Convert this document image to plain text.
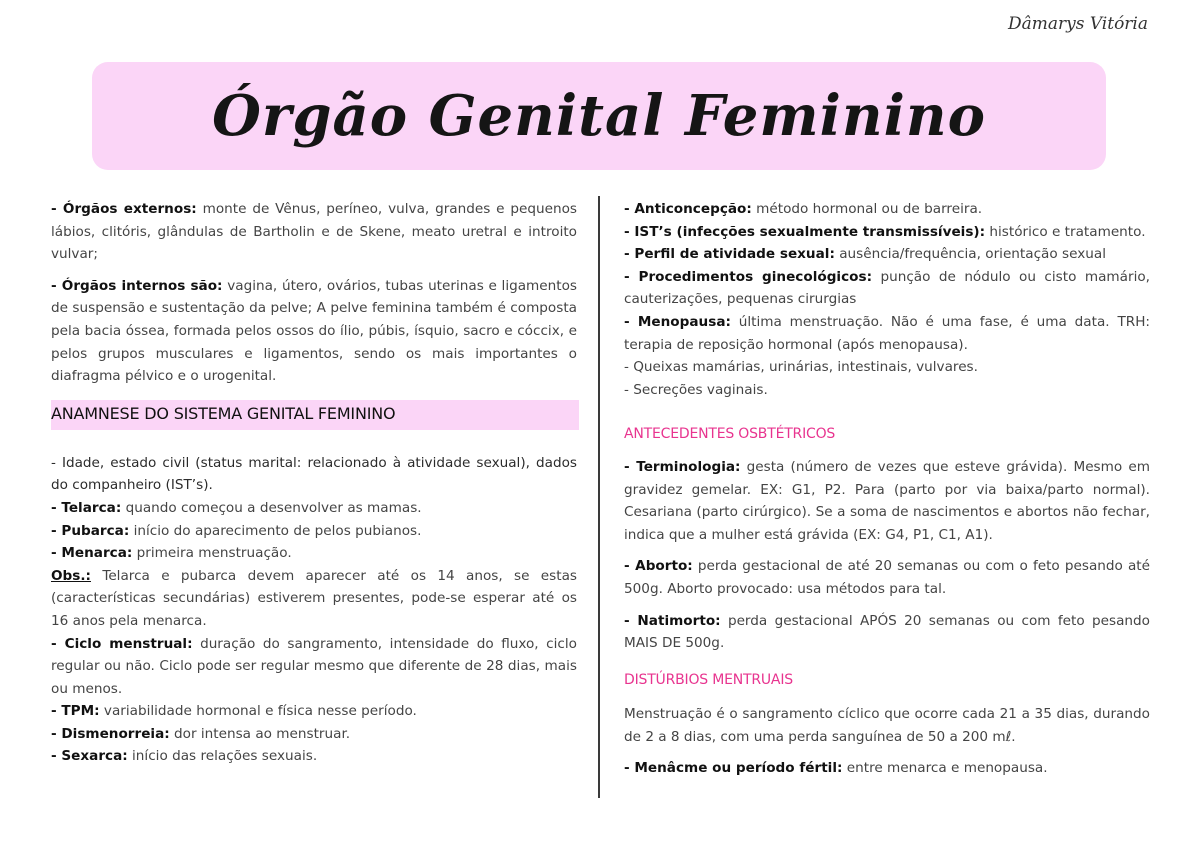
Dâmarys Vitória
Órgão Genital Feminino

- Órgãos externos: monte de Vênus, períneo, vulva, grandes e pequenos lábios, clitóris, glândulas de Bartholin e de Skene, meato uretral e introito vulvar;

- Órgãos internos são: vagina, útero, ovários, tubas uterinas e ligamentos de suspensão e sustentação da pelve; A pelve feminina também é composta pela bacia óssea, formada pelos ossos do ílio, púbis, ísquio, sacro e cóccix, e pelos grupos musculares e ligamentos, sendo os mais importantes o diafragma pélvico e o urogenital.

ANAMNESE DO SISTEMA GENITAL FEMININO

- Idade, estado civil (status marital: relacionado à atividade sexual), dados do companheiro (IST’s).

- Telarca: quando começou a desenvolver as mamas.

- Pubarca: início do aparecimento de pelos pubianos.

- Menarca: primeira menstruação.

Obs.: Telarca e pubarca devem aparecer até os 14 anos, se estas (características secundárias) estiverem presentes, pode-se esperar até os 16 anos pela menarca.

- Ciclo menstrual: duração do sangramento, intensidade do fluxo, ciclo regular ou não. Ciclo pode ser regular mesmo que diferente de 28 dias, mais ou menos.

- TPM: variabilidade hormonal e física nesse período.

- Dismenorreia: dor intensa ao menstruar.

- Sexarca: início das relações sexuais.

- Anticoncepção: método hormonal ou de barreira.

- IST’s (infecções sexualmente transmissíveis): histórico e tratamento.

- Perfil de atividade sexual: ausência/frequência, orientação sexual

- Procedimentos ginecológicos: punção de nódulo ou cisto mamário, cauterizações, pequenas cirurgias

- Menopausa: última menstruação. Não é uma fase, é uma data. TRH: terapia de reposição hormonal (após menopausa).

- Queixas mamárias, urinárias, intestinais, vulvares.

- Secreções vaginais.

ANTECEDENTES OSBTÉTRICOS

- Terminologia: gesta (número de vezes que esteve grávida). Mesmo em gravidez gemelar. EX: G1, P2. Para (parto por via baixa/parto normal). Cesariana (parto cirúrgico). Se a soma de nascimentos e abortos não fechar, indica que a mulher está grávida (EX: G4, P1, C1, A1).

- Aborto: perda gestacional de até 20 semanas ou com o feto pesando até 500g. Aborto provocado: usa métodos para tal.

- Natimorto: perda gestacional APÓS 20 semanas ou com feto pesando MAIS DE 500g.

DISTÚRBIOS MENTRUAIS

Menstruação é o sangramento cíclico que ocorre cada 21 a 35 dias, durando de 2 a 8 dias, com uma perda sanguínea de 50 a 200 mℓ.

- Menâcme ou período fértil: entre menarca e menopausa.
